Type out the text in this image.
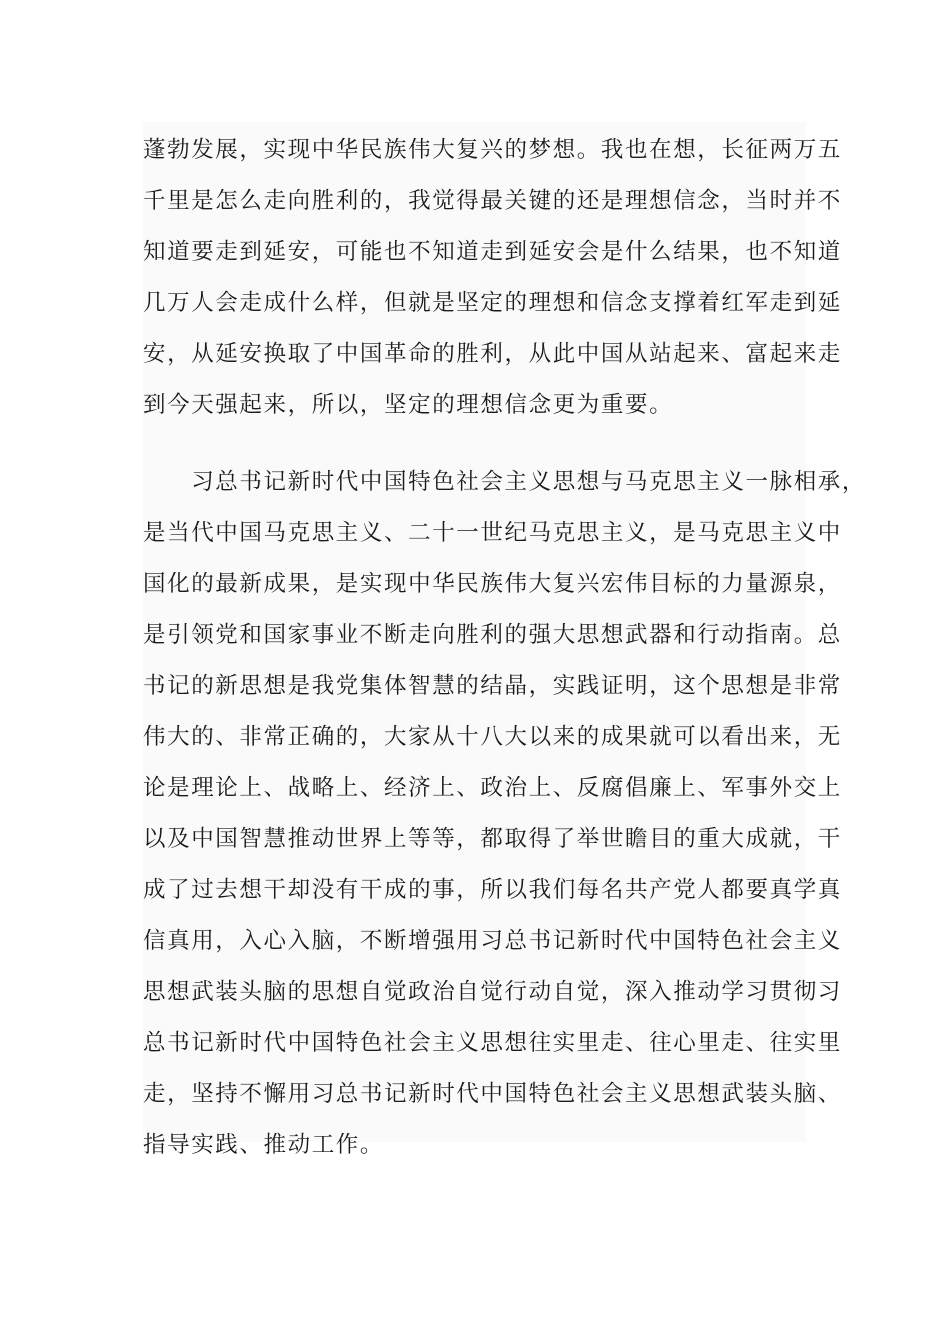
蓬勃发展，实现中华民族伟大复兴的梦想。我也在想，长征两万五
千里是怎么走向胜利的，我觉得最关键的还是理想信念，当时并不
知道要走到延安，可能也不知道走到延安会是什么结果，也不知道
几万人会走成什么样，但就是坚定的理想和信念支撑着红军走到延
安，从延安换取了中国革命的胜利，从此中国从站起来、富起来走
到今天强起来，所以，坚定的理想信念更为重要。
　　习总书记新时代中国特色社会主义思想与马克思主义一脉相承，
是当代中国马克思主义、二十一世纪马克思主义，是马克思主义中
国化的最新成果，是实现中华民族伟大复兴宏伟目标的力量源泉，
是引领党和国家事业不断走向胜利的强大思想武器和行动指南。总
书记的新思想是我党集体智慧的结晶，实践证明，这个思想是非常
伟大的、非常正确的，大家从十八大以来的成果就可以看出来，无
论是理论上、战略上、经济上、政治上、反腐倡廉上、军事外交上
以及中国智慧推动世界上等等，都取得了举世瞻目的重大成就，干
成了过去想干却没有干成的事，所以我们每名共产党人都要真学真
信真用，入心入脑，不断增强用习总书记新时代中国特色社会主义
思想武装头脑的思想自觉政治自觉行动自觉，深入推动学习贯彻习
总书记新时代中国特色社会主义思想往实里走、往心里走、往实里
走，坚持不懈用习总书记新时代中国特色社会主义思想武装头脑、
指导实践、推动工作。
